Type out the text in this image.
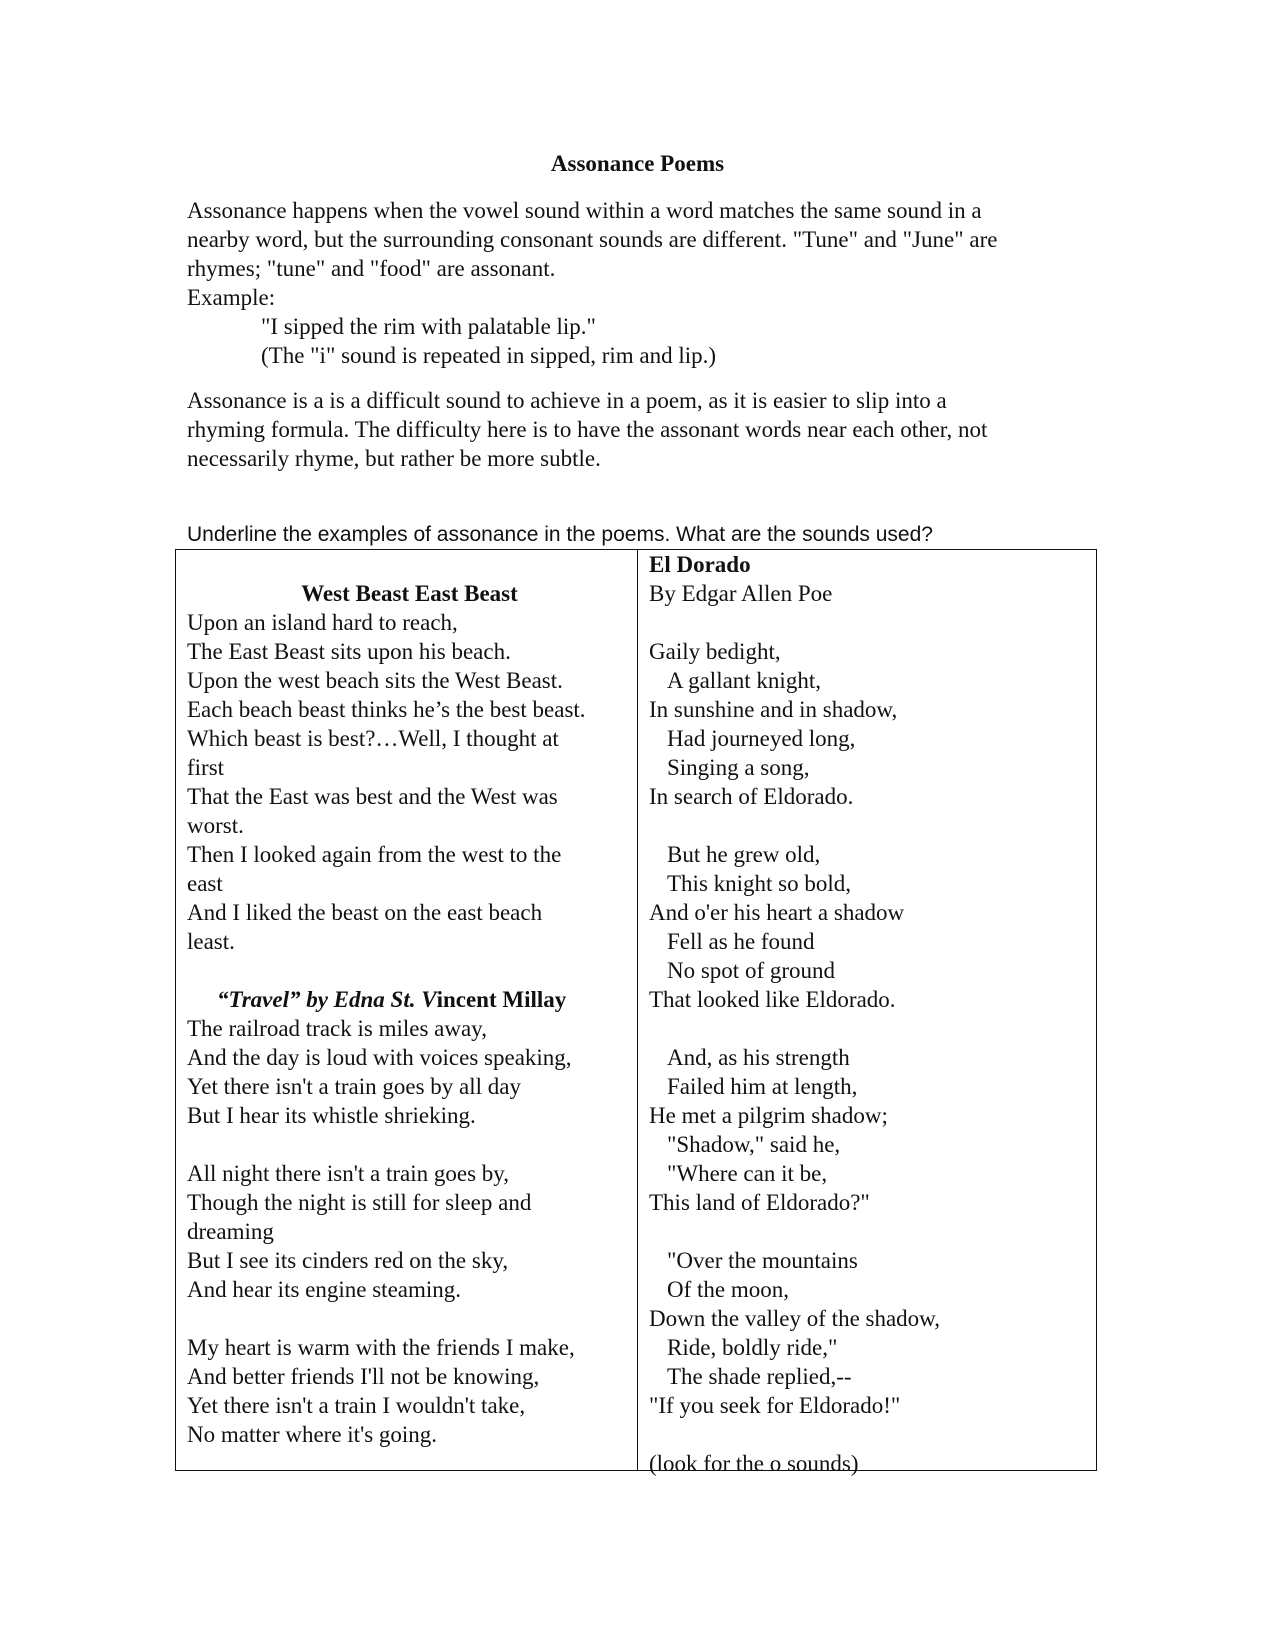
Assonance Poems

Assonance happens when the vowel sound within a word matches the same sound in a

nearby word, but the surrounding consonant sounds are different. "Tune" and "June" are

rhymes; "tune" and "food" are assonant.

Example:

"I sipped the rim with palatable lip."

(The "i" sound is repeated in sipped, rim and lip.)

Assonance is a is a difficult sound to achieve in a poem, as it is easier to slip into a

rhyming formula. The difficulty here is to have the assonant words near each other, not

necessarily rhyme, but rather be more subtle.

Underline the examples of assonance in the poems. What are the sounds used?
West Beast East Beast
Upon an island hard to reach,
The East Beast sits upon his beach.
Upon the west beach sits the West Beast.
Each beach beast thinks he’s the best beast.
Which beast is best?…Well, I thought at
first
That the East was best and the West was
worst.
Then I looked again from the west to the
east
And I liked the beast on the east beach
least.
“Travel” by Edna St. Vincent Millay
The railroad track is miles away,
And the day is loud with voices speaking,
Yet there isn't a train goes by all day
But I hear its whistle shrieking.
All night there isn't a train goes by,
Though the night is still for sleep and
dreaming
But I see its cinders red on the sky,
And hear its engine steaming.
My heart is warm with the friends I make,
And better friends I'll not be knowing,
Yet there isn't a train I wouldn't take,
No matter where it's going.
El Dorado
By Edgar Allen Poe
Gaily bedight,
A gallant knight,
In sunshine and in shadow,
Had journeyed long,
Singing a song,
In search of Eldorado.
But he grew old,
This knight so bold,
And o'er his heart a shadow
Fell as he found
No spot of ground
That looked like Eldorado.
And, as his strength
Failed him at length,
He met a pilgrim shadow;
"Shadow," said he,
"Where can it be,
This land of Eldorado?"
"Over the mountains
Of the moon,
Down the valley of the shadow,
Ride, boldly ride,"
The shade replied,--
"If you seek for Eldorado!"
(look for the o sounds)
